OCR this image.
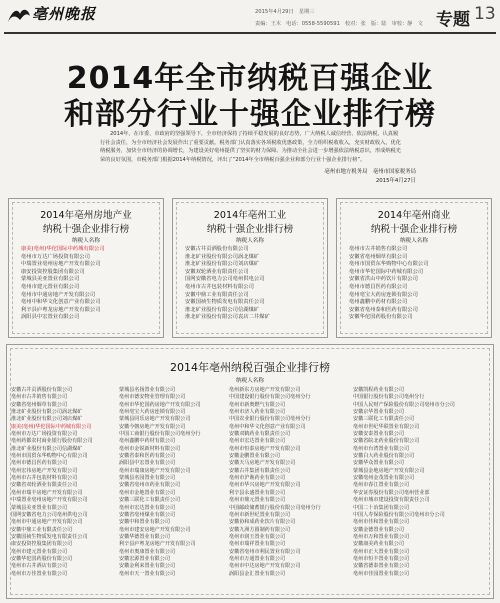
亳州晚报	2015年4月29日　星期三
责编：王木　电话：0558-5590591　校对：张　版：陆　审校：静　文 专题 13
2014年全市纳税百强企业
和部分行业十强企业排行榜

2014年，在市委、市政府的坚强领导下，全市经济保持了持续平稳发展的良好态势，广大纳税人诚信经营、依法纳税，认真履行社会责任，为全市经济社会发展作出了重要贡献。税务部门认真落实各项税收优惠政策，全力组织税收收入，充实财政收入，优化纳税服务，加快全市经济的协调增长，为建设美好亳州提供了坚实的财力保障。为推动全社会进一步增强依法纳税意识，形成纳税光荣的良好氛围，市税务部门根据2014年纳税情况，评出了“2014年全市纳税百强企业和部分行业十强企业排行榜”。

亳州市地方税务局　亳州市国家税务局
2015年4月27日
2014年亳州房地产业
纳税十强企业排行榜
纳税人名称
康美(亳州)华佗国际中药城有限公司
亳州市万达广场投资有限公司
中瑞置业亳州房地产开发有限公司
康安投资控股集团有限公司
蒙城县美亚置业有限公司
亳州市建元置业有限公司
亳州市中通房地产开发有限公司
亳州中和华文化创意产业有限公司
利辛县庐粤龙房地产开发有限公司
涡阳县中宏置业有限公司
2014年亳州工业
纳税十强企业排行榜
纳税人名称
安徽古井贡酒股份有限公司
淮北矿业股份有限公司涡北煤矿
淮北矿业股份有限公司刘店煤矿
安徽双轮酒业有限责任公司
国网安徽省电力公司亳州供电公司
亳州市古井包装材料有限公司
安徽中鼎工业有限责任公司
安徽国祯生物质发电有限责任公司
淮北矿业股份有限公司信湖煤矿
淮北矿业股份有限公司袁店二井煤矿
2014年亳州商业
纳税十强企业排行榜
纳税人名称
亳州市古井销售有限公司
安徽省亳州烟草有限公司
亳州市国贸东华购物中心有限公司
亳州市华佗国际中药城有限公司
安徽省洪山中药饮片有限公司
亳州市德昌医药有限公司
亳州亳宝大药房连锁有限公司
亳州鑫鹏中药材有限公司
安徽省亳州泰和医药有限公司
安徽华佗国药股份有限公司
2014年亳州纳税百强企业排行榜
纳税人名称
安徽古井贡酒股份有限公司
亳州市古井销售有限公司
安徽省亳州烟草有限公司
淮北矿业股份有限公司涡北煤矿
淮北矿业股份有限公司刘店煤矿
康美(亳州)华佗国际中药城有限公司
亳州市万达广场投资有限公司
亳州药都农村商业银行股份有限公司
淮北矿业股份有限公司信湖煤矿
亳州市国贸东华购物中心有限公司
亳州市德昌医药有限公司
亳州宏伟房地产开发有限公司
亳州市古井包装材料有限公司
安徽省双轮酒业有限责任公司
亳州市瑞丰房地产开发有限公司
中瑞置业亳州房地产开发有限公司
蒙城县美亚置业有限公司
国网安徽省电力公司亳州供电公司
亳州市中通房地产开发有限公司
安徽中鼎工业有限责任公司
安徽国祯生物质发电有限责任公司
康安投资控股集团有限公司
亳州市建元置业有限公司
安徽华佗国药股份有限公司
亳州市古井酒店有限公司
亳州市万佳置业有限公司
蒙城县名扬置业有限公司
亳州市德安物业管理有限公司
亳州市华佗国药房地产开发有限公司
亳州亳宝大药房连锁有限公司
蒙城县同乐房地产开发有限公司
安徽今朝房地产开发有限公司
中国工商银行股份有限公司亳州分行
亳州鑫鹏中药材有限公司
亳州市金锐新材料有限公司
安徽省泰和医药有限公司
涡阳县中宏置业有限公司
亳州市瑞康房地产开发有限公司
蒙城县名园置业有限公司
安徽省亳州市药业有限公司
亳州市金地置业有限公司
安徽三联化工有限责任公司
亳州市宏达置业有限公司
安徽省亳州煤业有限公司
安徽中和置业有限公司
亳州市建安房地产开发有限公司
安徽华德置业有限公司
利辛县庐粤龙房地产开发有限公司
亳州市奥康置业有限公司
安徽宏源置业有限公司
安徽金利来置业有限公司
亳州市天一置业有限公司
亳州新东方房地产开发有限公司
中国建设银行股份有限公司亳州分行
亳州市新奥燃气有限公司
亳州市济人药业有限公司
中国农业银行股份有限公司亳州分行
亳州中和华文化创意产业有限公司
安徽双鹤药业有限责任公司
亳州市宏达置业有限公司
亳州市恒泰房地产开发有限公司
安徽金鹏置业有限公司
安徽天马房地产开发有限公司
安徽古井集团有限责任公司
亳州市沪谯药业有限公司
亳州市华兴房地产开发有限公司
利辛县永盛置业有限公司
亳州市鼎元置业有限公司
中国邮政储蓄银行股份有限公司亳州分行
亳州市新世纪置业有限公司
安徽协和成药业饮片有限公司
安徽九洲方圆制药有限公司
亳州市润玉置业有限公司
亳州市瑞祥置业有限公司
安徽省亳州市利民置业有限公司
亳州市万通置业有限公司
亳州市中达房地产开发有限公司
涡阳县金汇置业有限公司
安徽凯程药业有限公司
中国银行股份有限公司亳州分行
中国人民财产保险股份有限公司亳州市分公司
安徽京华置业有限公司
安徽三联化工有限责任公司
亳州市世纪华联置业有限公司
安徽安泰置业有限公司
安徽省皖北药业股份有限公司
亳州市台湾置业有限公司
安徽白大药业股份有限公司
安徽华众置业有限公司
蒙城县金地房地产开发有限公司
安徽亳州金茂置业有限公司
亳州市春江置业有限公司
华安证券股份有限公司亳州营业部
亳州市城市建设投资有限责任公司
中国二十冶集团有限公司
中国人寿保险股份有限公司亳州市分公司
亳州市佳和置业有限公司
安徽金德置业有限公司
亳州市万和置业有限公司
安徽康美药业有限公司
亳州市正大置业有限公司
亳州市恒丰置业有限公司
安徽省德泰置业有限公司
亳州市佳园置业有限公司
